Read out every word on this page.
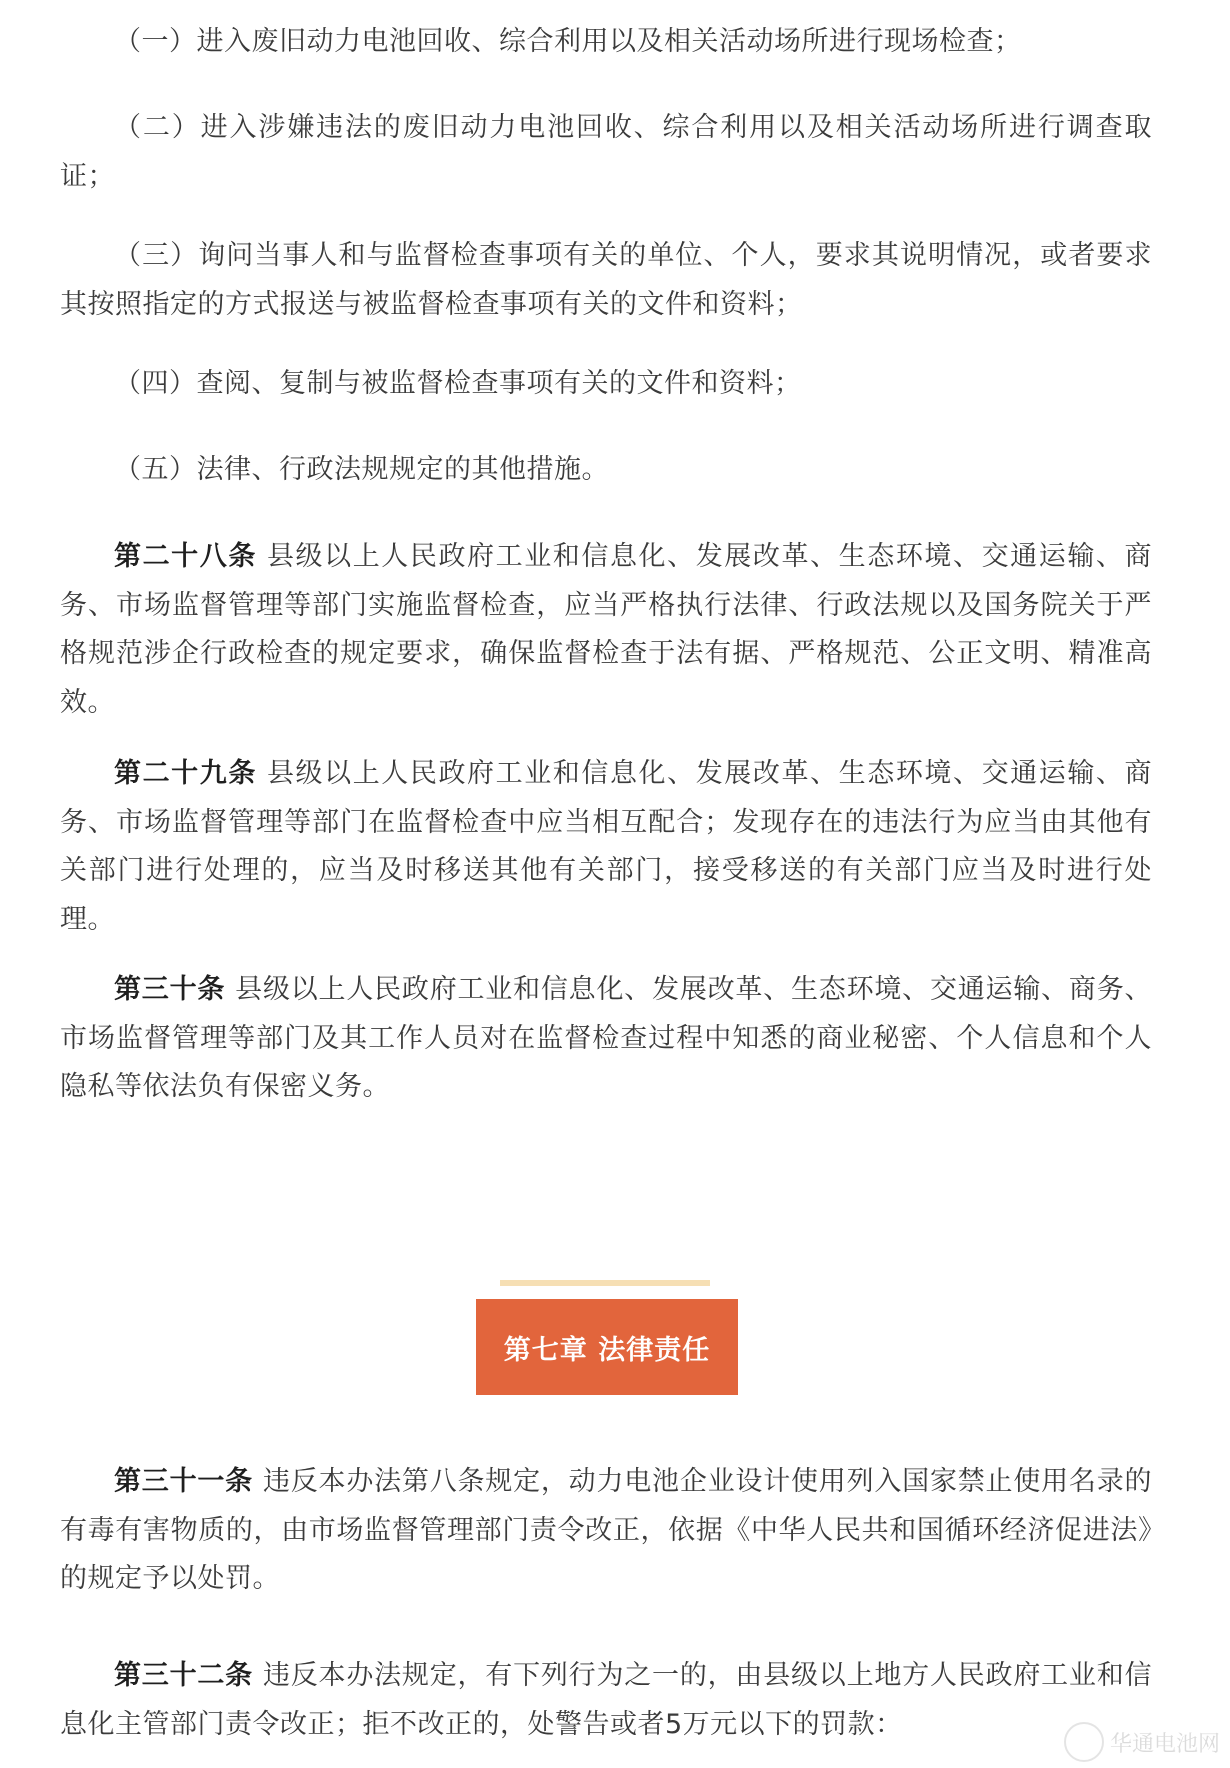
（一）进入废旧动力电池回收、综合利用以及相关活动场所进行现场检查；

（二）进入涉嫌违法的废旧动力电池回收、综合利用以及相关活动场所进行调查取证；

（三）询问当事人和与监督检查事项有关的单位、个人，要求其说明情况，或者要求其按照指定的方式报送与被监督检查事项有关的文件和资料；

（四）查阅、复制与被监督检查事项有关的文件和资料；

（五）法律、行政法规规定的其他措施。

第二十八条 县级以上人民政府工业和信息化、发展改革、生态环境、交通运输、商务、市场监督管理等部门实施监督检查，应当严格执行法律、行政法规以及国务院关于严格规范涉企行政检查的规定要求，确保监督检查于法有据、严格规范、公正文明、精准高效。

第二十九条 县级以上人民政府工业和信息化、发展改革、生态环境、交通运输、商务、市场监督管理等部门在监督检查中应当相互配合；发现存在的违法行为应当由其他有关部门进行处理的，应当及时移送其他有关部门，接受移送的有关部门应当及时进行处理。

第三十条 县级以上人民政府工业和信息化、发展改革、生态环境、交通运输、商务、市场监督管理等部门及其工作人员对在监督检查过程中知悉的商业秘密、个人信息和个人隐私等依法负有保密义务。

第七章 法律责任

第三十一条 违反本办法第八条规定，动力电池企业设计使用列入国家禁止使用名录的有毒有害物质的，由市场监督管理部门责令改正，依据《中华人民共和国循环经济促进法》的规定予以处罚。

第三十二条 违反本办法规定，有下列行为之一的，由县级以上地方人民政府工业和信息化主管部门责令改正；拒不改正的，处警告或者5万元以下的罚款：

华通电池网
